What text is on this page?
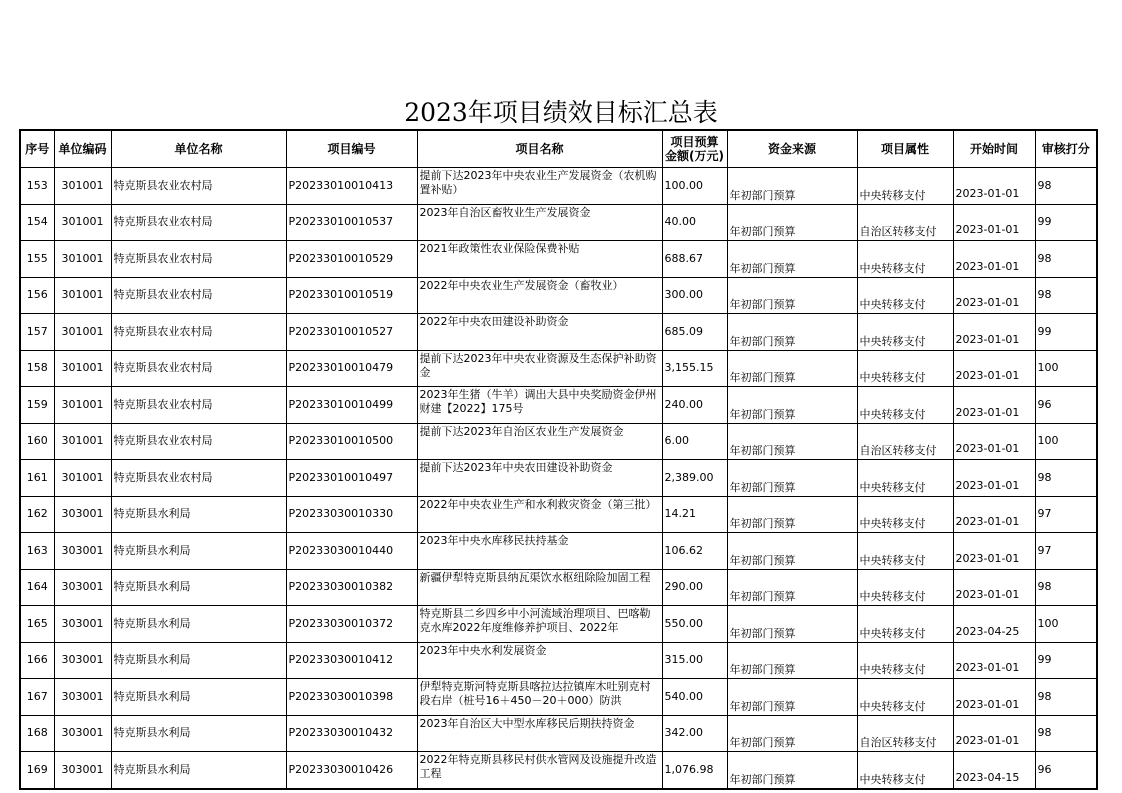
2023年项目绩效目标汇总表
序号	单位编码	单位名称	项目编号	项目名称	项目预算
金额(万元)	资金来源	项目属性	开始时间	审核打分
153	301001	特克斯县农业农村局	P20233010010413	提前下达2023年中央农业生产发展资金（农机购置补贴）	100.00	年初部门预算	中央转移支付	2023-01-01	98
154	301001	特克斯县农业农村局	P20233010010537	2023年自治区畜牧业生产发展资金	40.00	年初部门预算	自治区转移支付	2023-01-01	99
155	301001	特克斯县农业农村局	P20233010010529	2021年政策性农业保险保费补贴	688.67	年初部门预算	中央转移支付	2023-01-01	98
156	301001	特克斯县农业农村局	P20233010010519	2022年中央农业生产发展资金（畜牧业）	300.00	年初部门预算	中央转移支付	2023-01-01	98
157	301001	特克斯县农业农村局	P20233010010527	2022年中央农田建设补助资金	685.09	年初部门预算	中央转移支付	2023-01-01	99
158	301001	特克斯县农业农村局	P20233010010479	提前下达2023年中央农业资源及生态保护补助资金	3,155.15	年初部门预算	中央转移支付	2023-01-01	100
159	301001	特克斯县农业农村局	P20233010010499	2023年生猪（牛羊）调出大县中央奖励资金伊州财建【2022】175号	240.00	年初部门预算	中央转移支付	2023-01-01	96
160	301001	特克斯县农业农村局	P20233010010500	提前下达2023年自治区农业生产发展资金	6.00	年初部门预算	自治区转移支付	2023-01-01	100
161	301001	特克斯县农业农村局	P20233010010497	提前下达2023年中央农田建设补助资金	2,389.00	年初部门预算	中央转移支付	2023-01-01	98
162	303001	特克斯县水利局	P20233030010330	2022年中央农业生产和水利救灾资金（第三批）	14.21	年初部门预算	中央转移支付	2023-01-01	97
163	303001	特克斯县水利局	P20233030010440	2023年中央水库移民扶持基金	106.62	年初部门预算	中央转移支付	2023-01-01	97
164	303001	特克斯县水利局	P20233030010382	新疆伊犁特克斯县纳瓦渠饮水枢纽除险加固工程	290.00	年初部门预算	中央转移支付	2023-01-01	98
165	303001	特克斯县水利局	P20233030010372	特克斯县二乡四乡中小河流域治理项目、巴喀勒克水库2022年度维修养护项目、2022年	550.00	年初部门预算	中央转移支付	2023-04-25	100
166	303001	特克斯县水利局	P20233030010412	2023年中央水利发展资金	315.00	年初部门预算	中央转移支付	2023-01-01	99
167	303001	特克斯县水利局	P20233030010398	伊犁特克斯河特克斯县喀拉达拉镇库木吐别克村段右岸（桩号16＋450－20＋000）防洪	540.00	年初部门预算	中央转移支付	2023-01-01	98
168	303001	特克斯县水利局	P20233030010432	2023年自治区大中型水库移民后期扶持资金	342.00	年初部门预算	自治区转移支付	2023-01-01	98
169	303001	特克斯县水利局	P20233030010426	2022年特克斯县移民村供水管网及设施提升改造工程	1,076.98	年初部门预算	中央转移支付	2023-04-15	96
